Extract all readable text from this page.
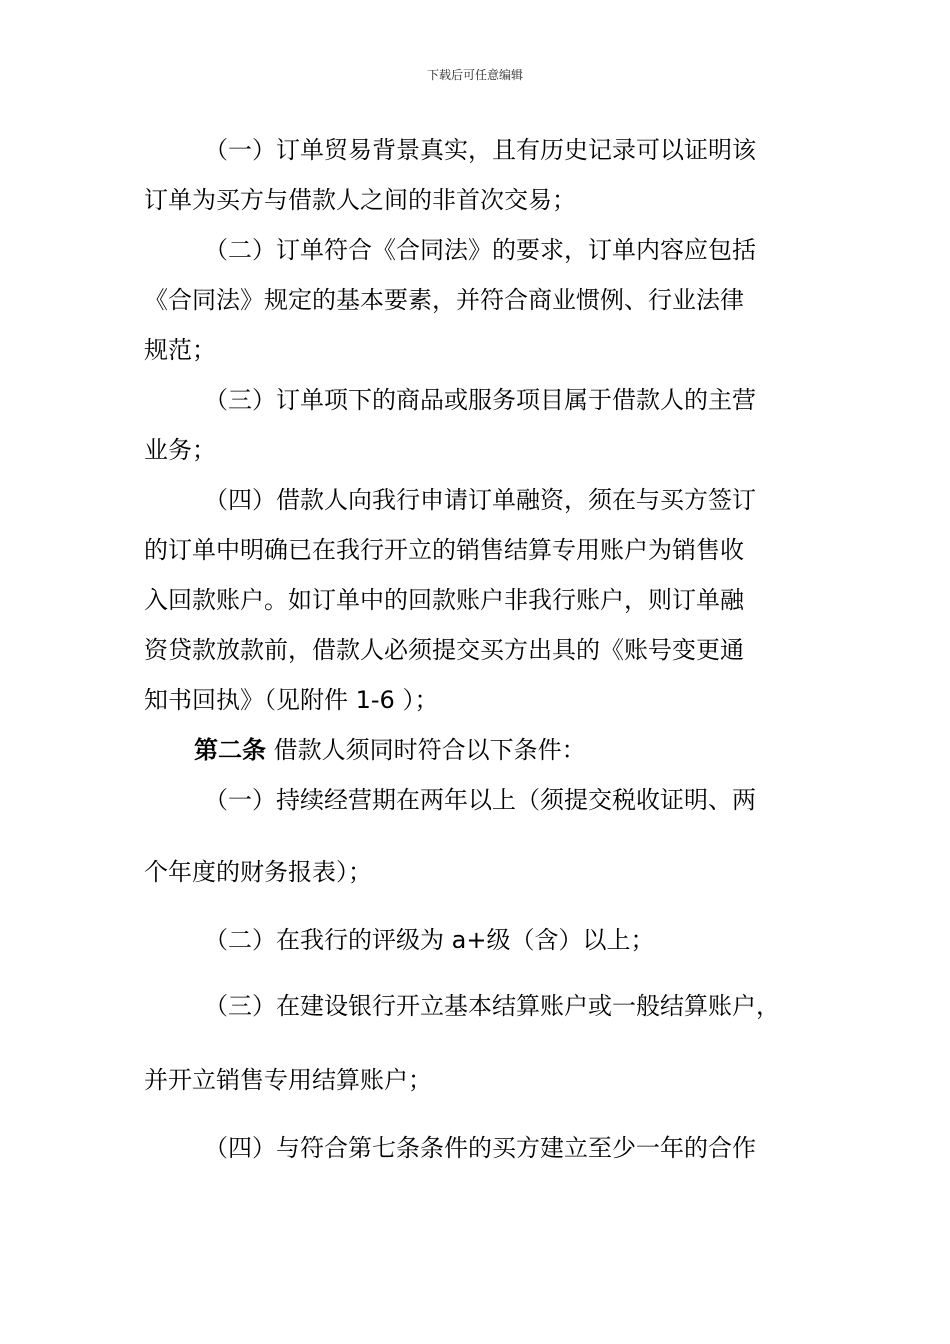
下载后可任意编辑
（一）订单贸易背景真实，且有历史记录可以证明该
订单为买方与借款人之间的非首次交易；
（二）订单符合《合同法》的要求，订单内容应包括
《合同法》规定的基本要素，并符合商业惯例、行业法律
规范；
（三）订单项下的商品或服务项目属于借款人的主营
业务；
（四）借款人向我行申请订单融资，须在与买方签订
的订单中明确已在我行开立的销售结算专用账户为销售收
入回款账户。如订单中的回款账户非我行账户，则订单融
资贷款放款前，借款人必须提交买方出具的《账号变更通
知书回执》（见附件 1-6 ）；
第二条 借款人须同时符合以下条件：
（一）持续经营期在两年以上（须提交税收证明、两
个年度的财务报表）；
（二）在我行的评级为 a+级（含）以上；
（三）在建设银行开立基本结算账户或一般结算账户，
并开立销售专用结算账户；
（四）与符合第七条条件的买方建立至少一年的合作
